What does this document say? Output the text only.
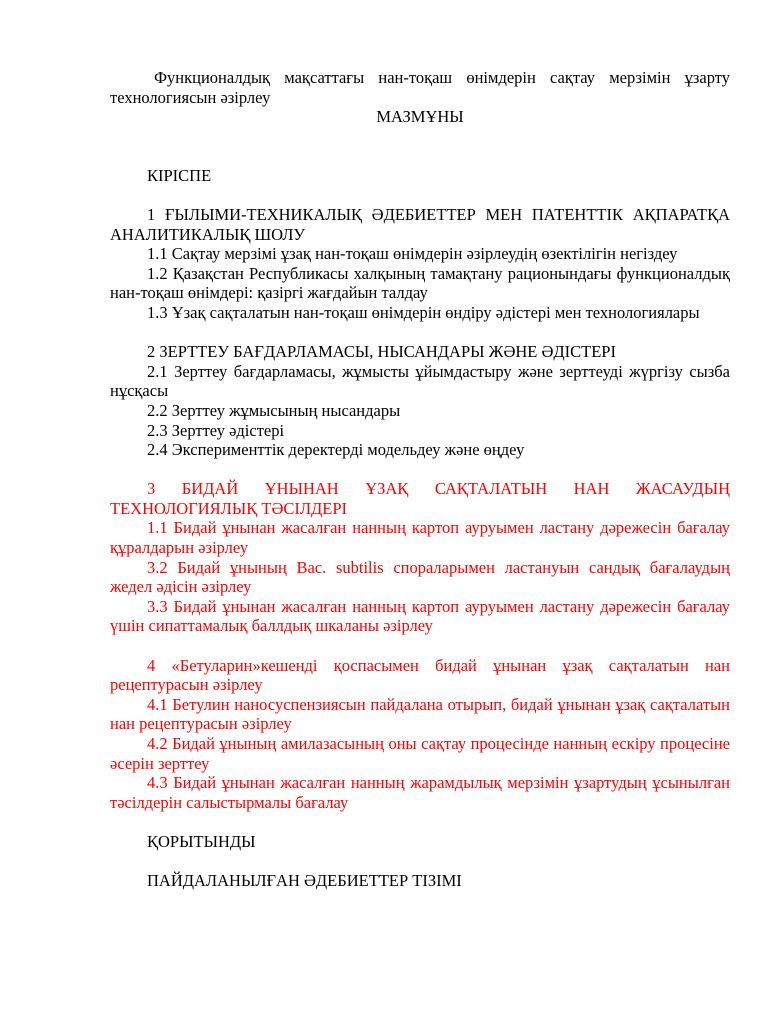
Функционалдық мақсаттағы нан-тоқаш өнімдерін сақтау мерзімін ұзарту технологиясын әзірлеу

МАЗМҰНЫ

КІРІСПЕ

1 ҒЫЛЫМИ-ТЕХНИКАЛЫҚ ӘДЕБИЕТТЕР МЕН ПАТЕНТТІК АҚПАРАТҚА АНАЛИТИКАЛЫҚ ШОЛУ

1.1 Сақтау мерзімі ұзақ нан-тоқаш өнімдерін әзірлеудің өзектілігін негіздеу

1.2 Қазақстан Республикасы халқының тамақтану рационындағы функционалдық нан-тоқаш өнімдері: қазіргі жағдайын талдау

1.3 Ұзақ сақталатын нан-тоқаш өнімдерін өндіру әдістері мен технологиялары

2 ЗЕРТТЕУ БАҒДАРЛАМАСЫ, НЫСАНДАРЫ ЖӘНЕ ӘДІСТЕРІ

2.1 Зерттеу бағдарламасы, жұмысты ұйымдастыру және зерттеуді жүргізу сызба нұсқасы

2.2 Зерттеу жұмысының нысандары

2.3 Зерттеу әдістері

2.4 Эксперименттік деректерді модельдеу және өңдеу

3 БИДАЙ ҰНЫНАН ҰЗАҚ САҚТАЛАТЫН НАН ЖАСАУДЫҢ ТЕХНОЛОГИЯЛЫҚ ТӘСІЛДЕРІ

1.1 Бидай ұнынан жасалған нанның картоп ауруымен ластану дәрежесін бағалау құралдарын әзірлеу

3.2 Бидай ұнының Bac. subtilis спораларымен ластануын сандық бағалаудың жедел әдісін әзірлеу

3.3 Бидай ұнынан жасалған нанның картоп ауруымен ластану дәрежесін бағалау үшін сипаттамалық баллдық шкаланы әзірлеу

4 «Бетуларин»кешенді қоспасымен бидай ұнынан ұзақ сақталатын нан рецептурасын әзірлеу

4.1 Бетулин наносуспензиясын пайдалана отырып, бидай ұнынан ұзақ сақталатын нан рецептурасын әзірлеу

4.2 Бидай ұнының амилазасының оны сақтау процесінде нанның ескіру процесіне әсерін зерттеу

4.3 Бидай ұнынан жасалған нанның жарамдылық мерзімін ұзартудың ұсынылған тәсілдерін салыстырмалы бағалау

ҚОРЫТЫНДЫ

ПАЙДАЛАНЫЛҒАН ӘДЕБИЕТТЕР ТІЗІМІ
